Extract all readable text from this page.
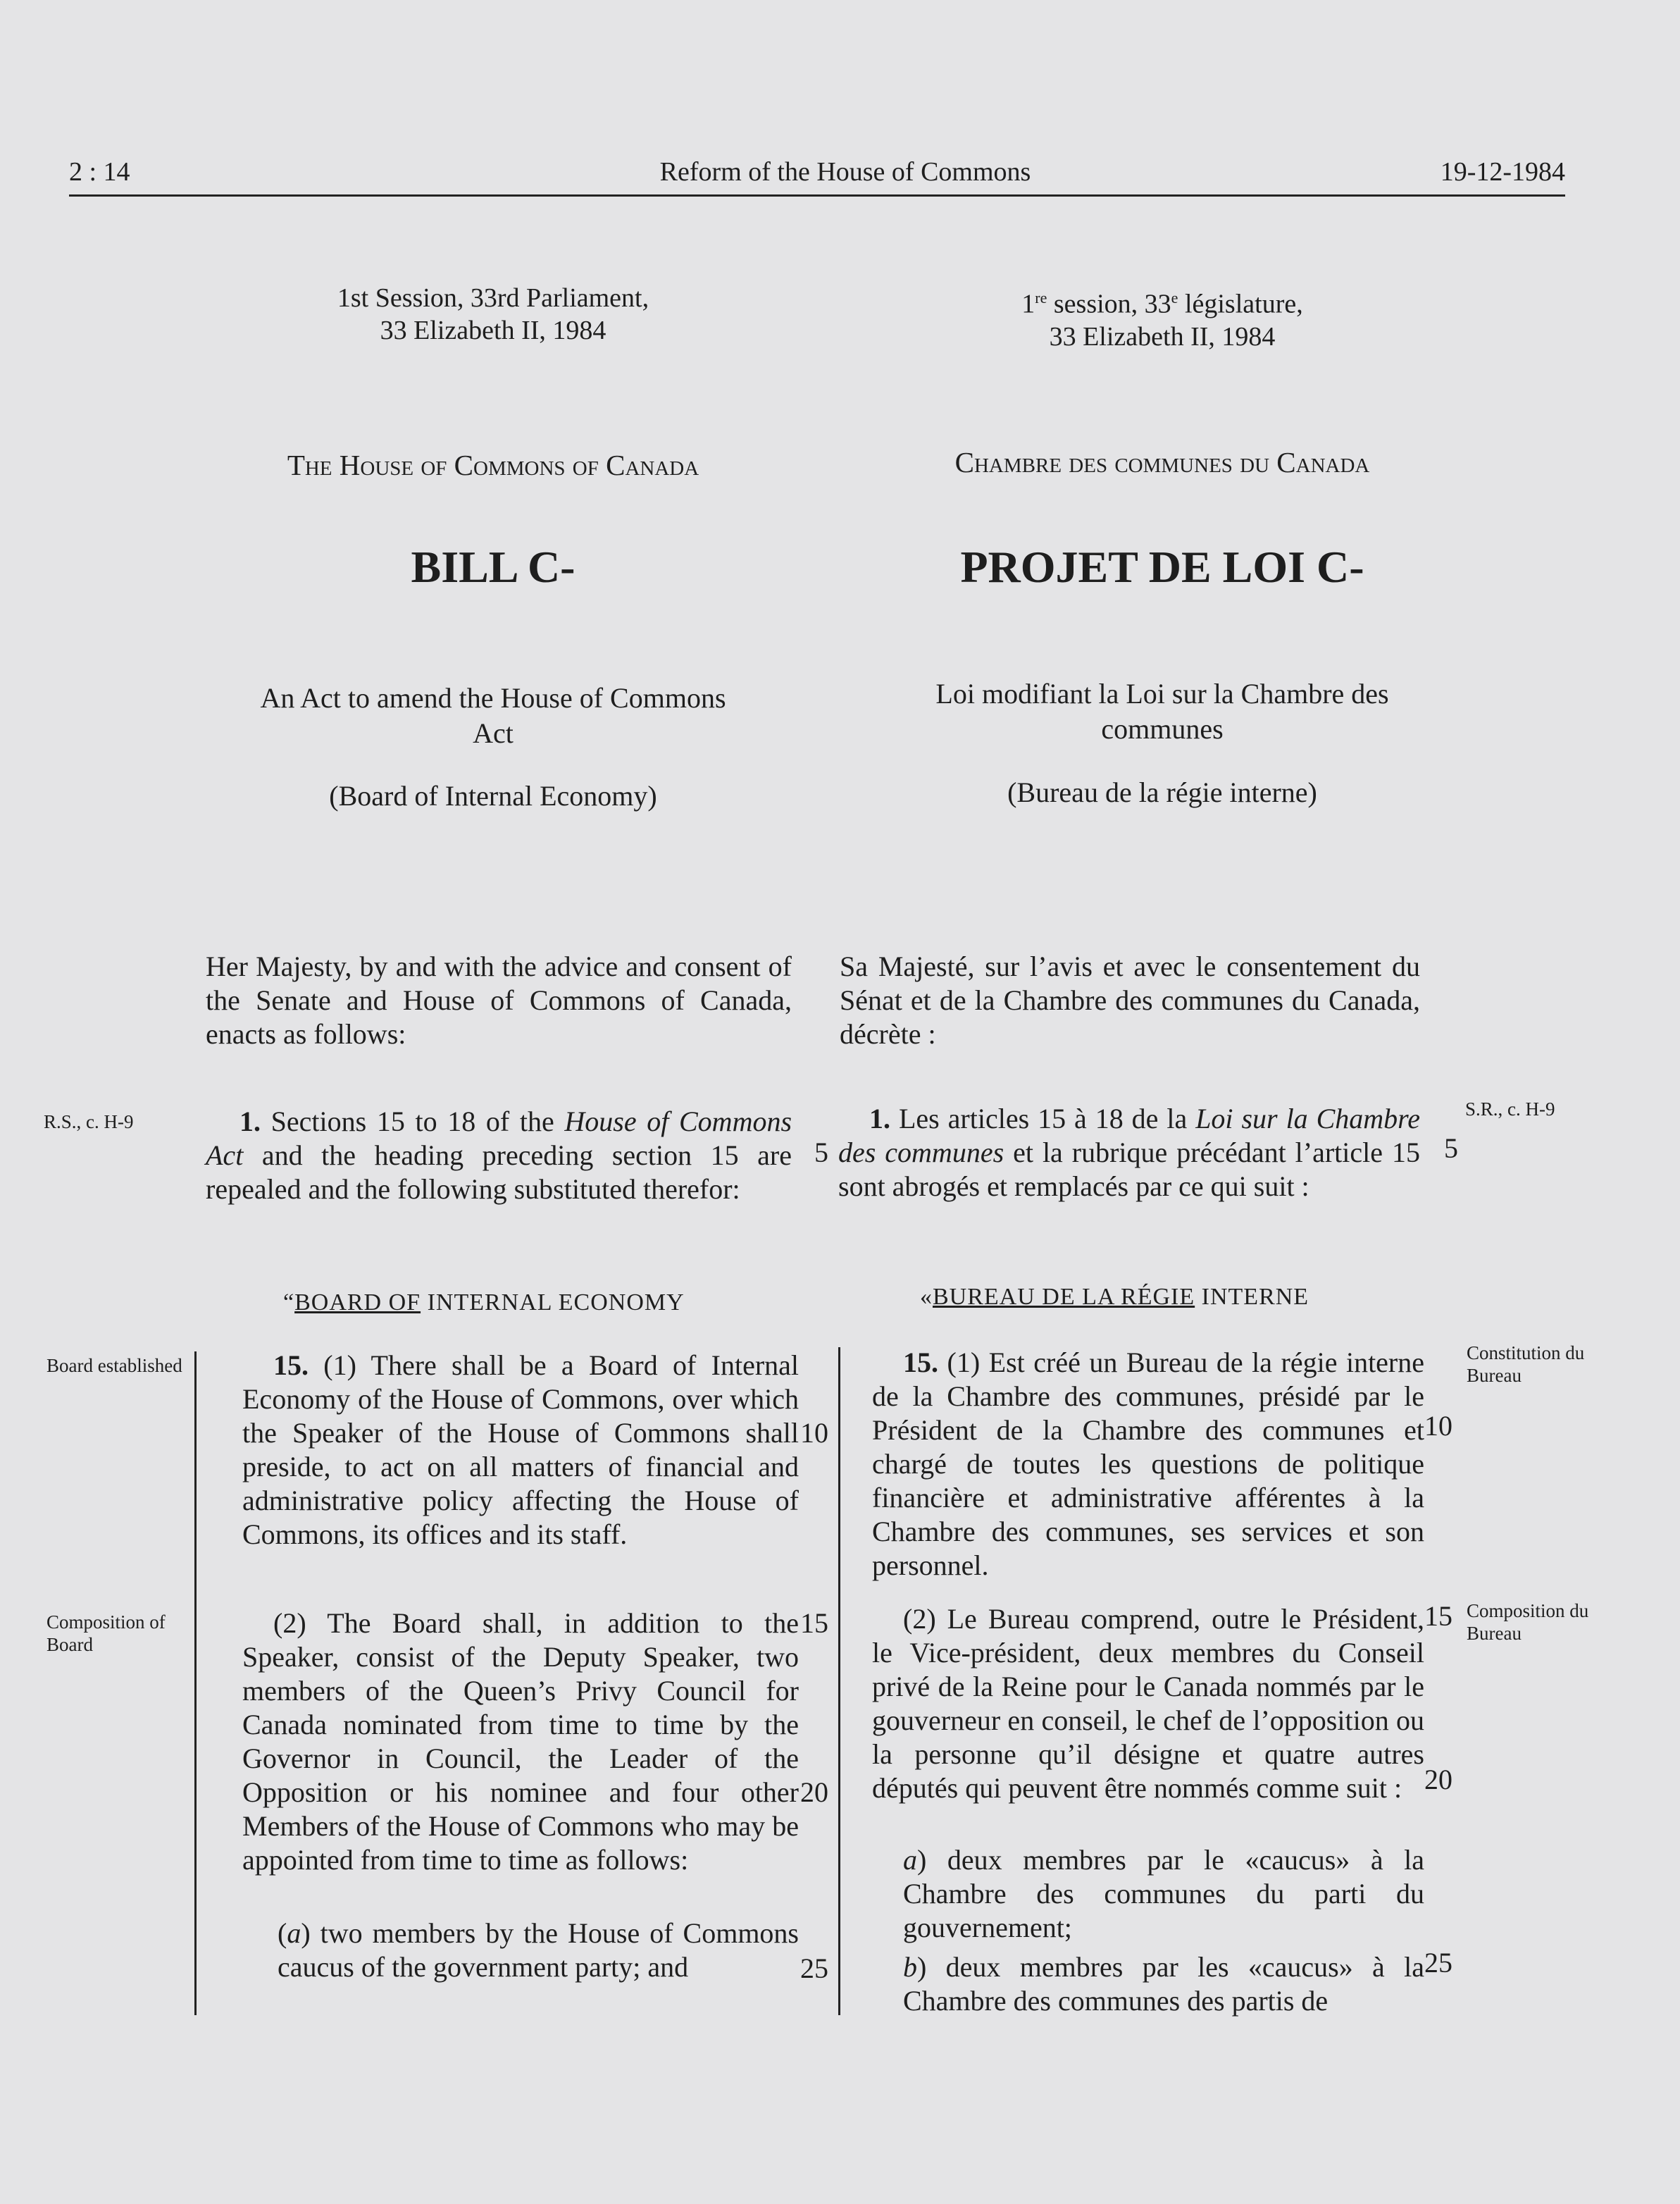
2 : 14	Reform of the House of Commons	19-12-1984
1st Session, 33rd Parliament,
33 Elizabeth II, 1984
1re session, 33e législature,
33 Elizabeth II, 1984
The House of Commons of Canada	Chambre des communes du Canada
BILL C-	PROJET DE LOI C-
An Act to amend the House of Commons
Act
Loi modifiant la Loi sur la Chambre des
communes
(Board of Internal Economy)	(Bureau de la régie interne)
Her Majesty, by and with the advice and consent of the Senate and House of Commons of Canada, enacts as follows:
Sa Majesté, sur l’avis et avec le consentement du Sénat et de la Chambre des communes du Canada, décrète :
R.S., c. H-9	1. Sections 15 to 18 of the House of Commons Act and the heading preceding section 15 are repealed and the following substituted therefor:
5
1. Les articles 15 à 18 de la Loi sur la Chambre des communes et la rubrique précédant l’article 15 sont abrogés et remplacés par ce qui suit :
S.R., c. H-9
5
“BOARD OF INTERNAL ECONOMY	«BUREAU DE LA RÉGIE INTERNE
Board established	15. (1) There shall be a Board of Internal Economy of the House of Commons, over which the Speaker of the House of Commons shall preside, to act on all matters of financial and administrative policy affecting the House of Commons, its offices and its staff.
Composition of Board
(2) The Board shall, in addition to the Speaker, consist of the Deputy Speaker, two members of the Queen’s Privy Council for Canada nominated from time to time by the Governor in Council, the Leader of the Opposition or his nominee and four other Members of the House of Commons who may be appointed from time to time as follows:
(a) two members by the House of Commons caucus of the government party; and
10
15
20
25
15. (1) Est créé un Bureau de la régie interne de la Chambre des communes, présidé par le Président de la Chambre des communes et chargé de toutes les questions de politique financière et administrative afférentes à la Chambre des communes, ses services et son personnel.
(2) Le Bureau comprend, outre le Président, le Vice-président, deux membres du Conseil privé de la Reine pour le Canada nommés par le gouverneur en conseil, le chef de l’opposition ou la personne qu’il désigne et quatre autres députés qui peuvent être nommés comme suit :
a) deux membres par le «caucus» à la Chambre des communes du parti du gouvernement;
b) deux membres par les «caucus» à la Chambre des communes des partis de
10
15
20
25
Constitution du Bureau
Composition du Bureau
